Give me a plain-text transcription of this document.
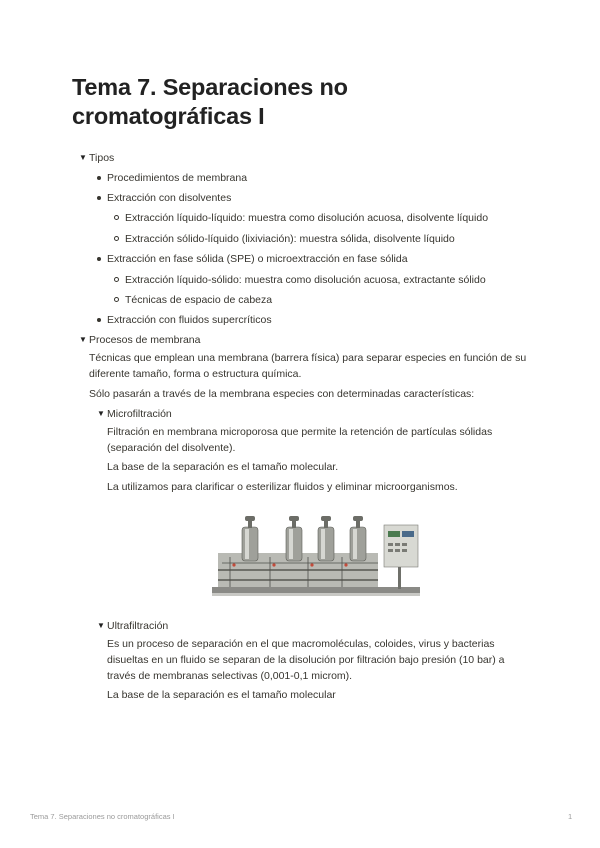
Tema 7. Separaciones no
cromatográficas I
▼ Tipos
Procedimientos de membrana
Extracción con disolventes
Extracción líquido-líquido: muestra como disolución acuosa, disolvente líquido
Extracción sólido-líquido (lixiviación): muestra sólida, disolvente líquido
Extracción en fase sólida (SPE) o microextracción en fase sólida
Extracción líquido-sólido: muestra como disolución acuosa, extractante sólido
Técnicas de espacio de cabeza
Extracción con fluidos supercríticos
▼ Procesos de membrana
Técnicas que emplean una membrana (barrera física) para separar especies en función de su
diferente tamaño, forma o estructura química.
Sólo pasarán a través de la membrana especies con determinadas características:
▼ Microfiltración
Filtración en membrana microporosa que permite la retención de partículas sólidas
(separación del disolvente).
La base de la separación es el tamaño molecular.
La utilizamos para clarificar o esterilizar fluidos y eliminar microorganismos.
▼ Ultrafiltración
Es un proceso de separación en el que macromoléculas, coloides, virus y bacterias
disueltas en un fluido se separan de la disolución por filtración bajo presión (10 bar) a
través de membranas selectivas (0,001-0,1 microm).
La base de la separación es el tamaño molecular
Tema 7. Separaciones no cromatográficas I	1
